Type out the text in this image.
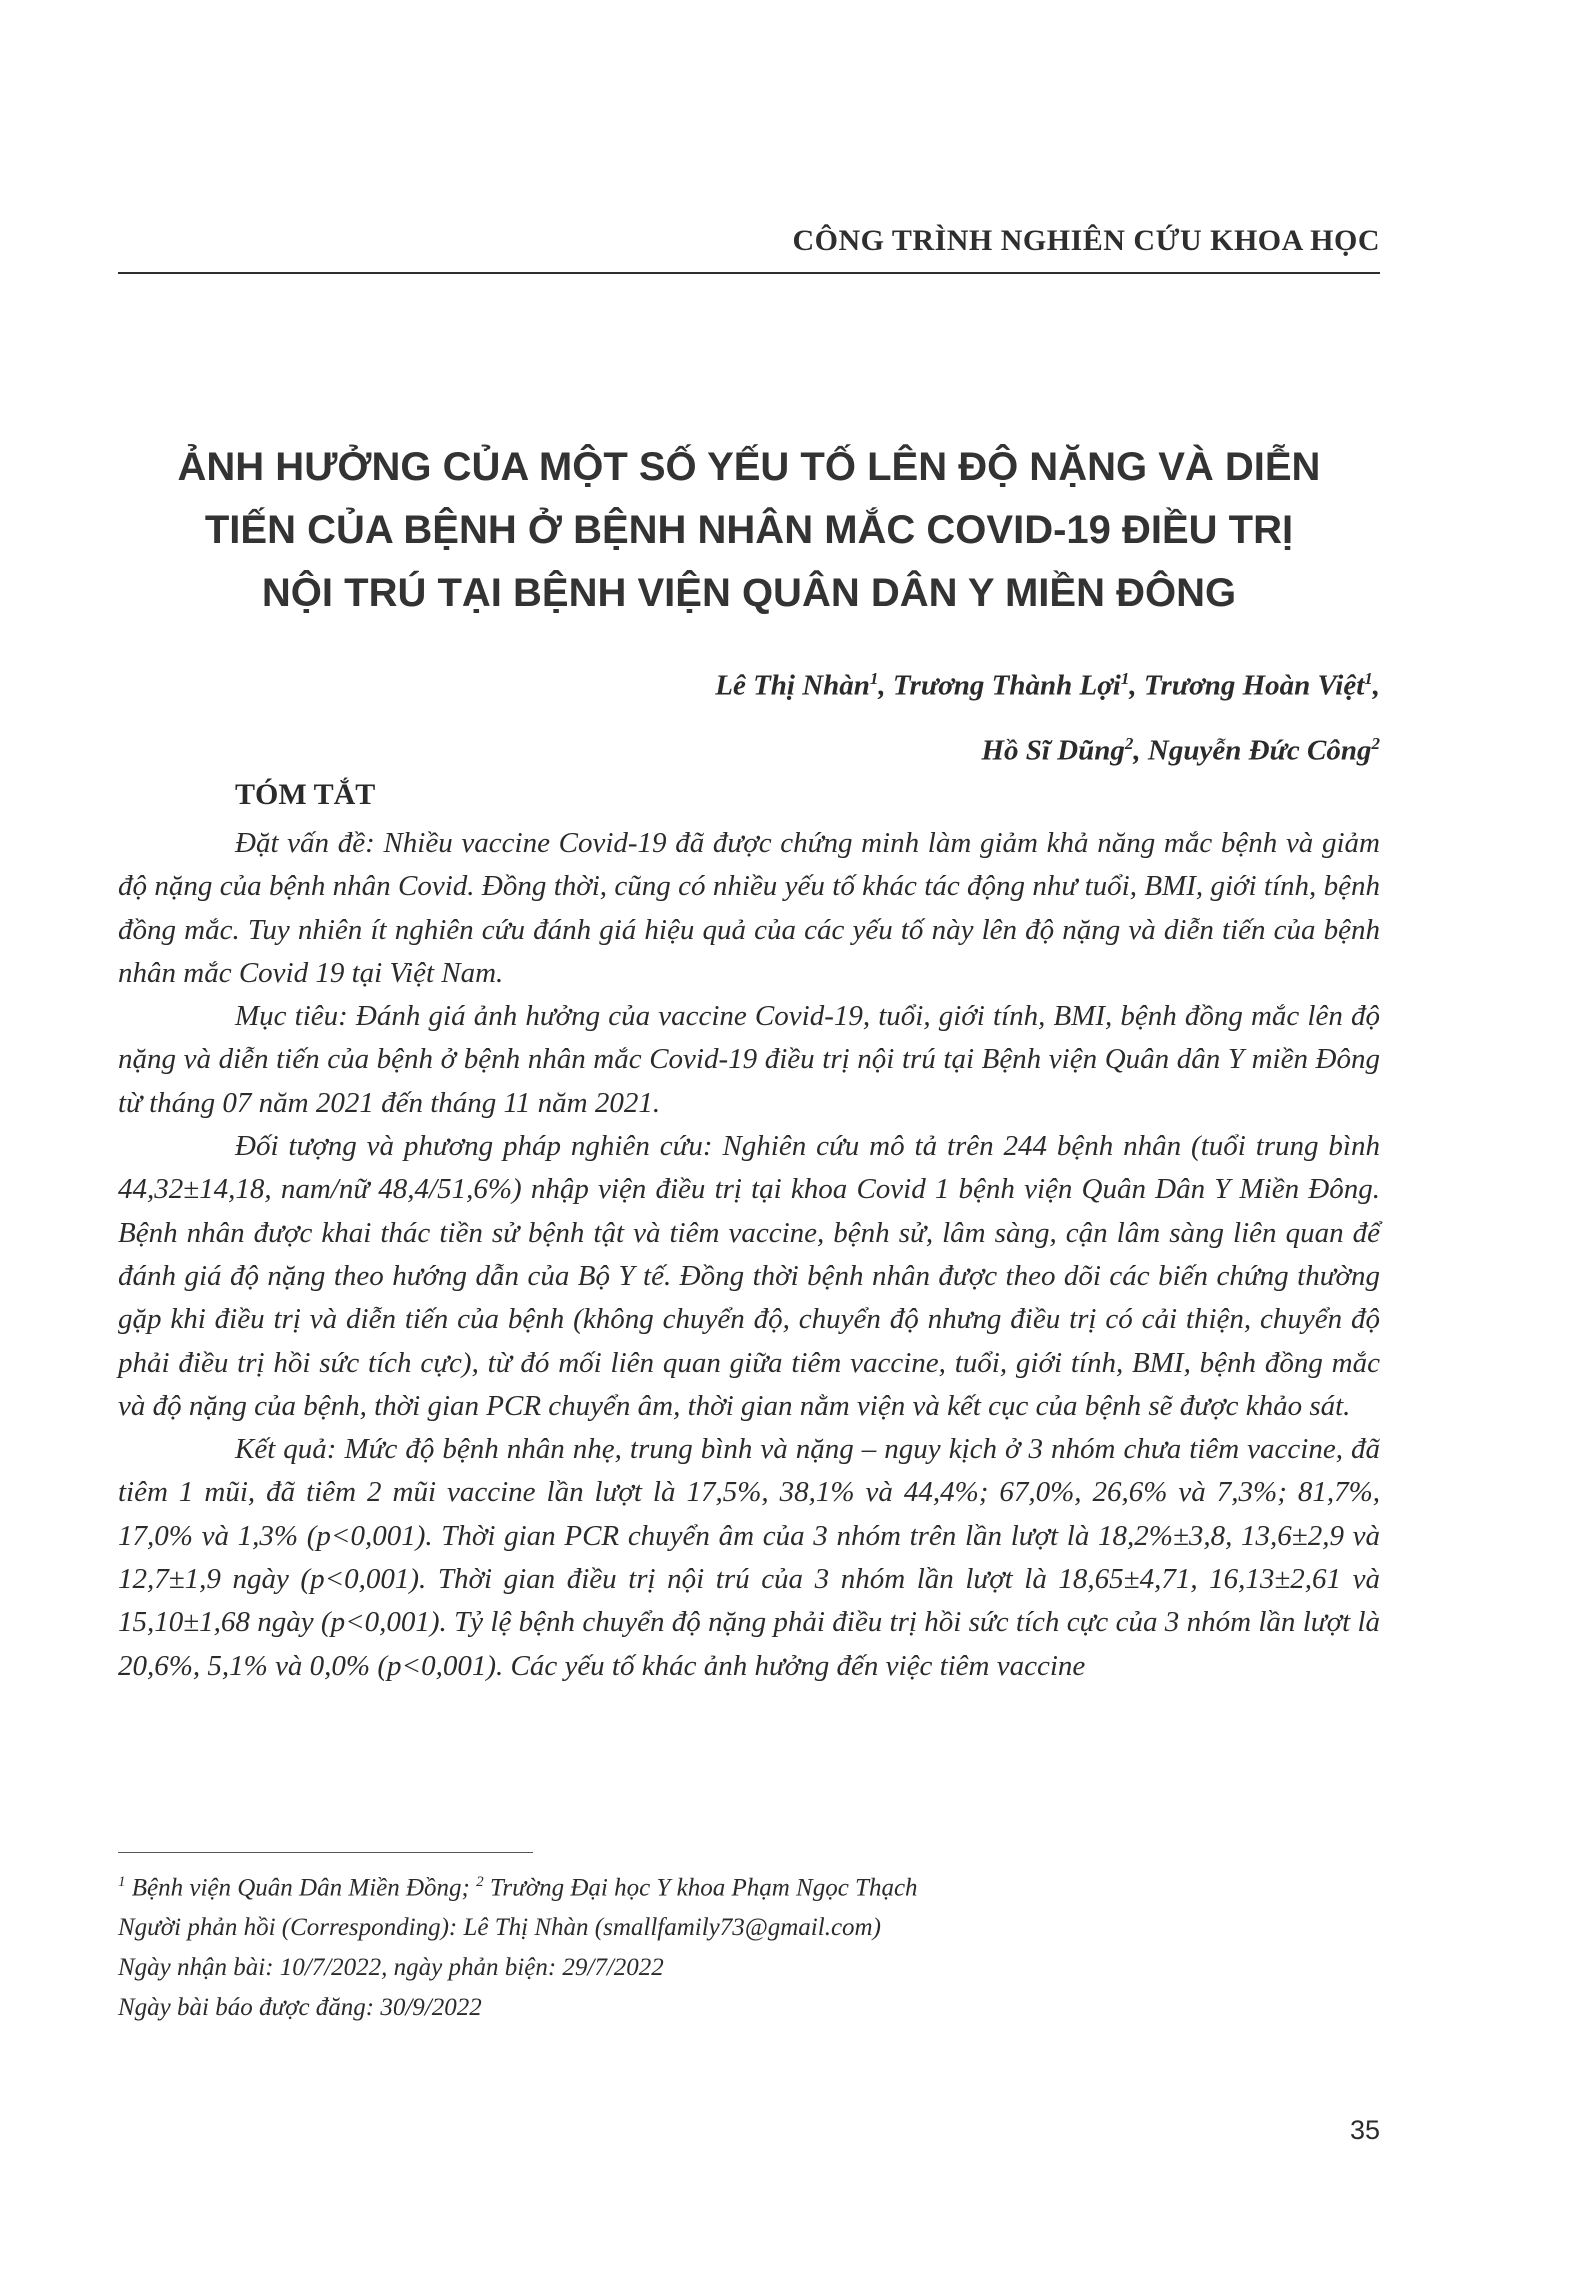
CÔNG TRÌNH NGHIÊN CỨU KHOA HỌC
ẢNH HƯỞNG CỦA MỘT SỐ YẾU TỐ LÊN ĐỘ NẶNG VÀ DIỄN
TIẾN CỦA BỆNH Ở BỆNH NHÂN MẮC COVID-19 ĐIỀU TRỊ
NỘI TRÚ TẠI BỆNH VIỆN QUÂN DÂN Y MIỀN ĐÔNG
Lê Thị Nhàn$^1$, Trương Thành Lợi$^1$, Trương Hoàn Việt$^1$,
Hồ Sĩ Dũng$^2$, Nguyễn Đức Công$^2$
TÓM TẮT

Đặt vấn đề: Nhiều vaccine Covid-19 đã được chứng minh làm giảm khả năng mắc bệnh và giảm độ nặng của bệnh nhân Covid. Đồng thời, cũng có nhiều yếu tố khác tác động như tuổi, BMI, giới tính, bệnh đồng mắc. Tuy nhiên ít nghiên cứu đánh giá hiệu quả của các yếu tố này lên độ nặng và diễn tiến của bệnh nhân mắc Covid 19 tại Việt Nam.

Mục tiêu: Đánh giá ảnh hưởng của vaccine Covid-19, tuổi, giới tính, BMI, bệnh đồng mắc lên độ nặng và diễn tiến của bệnh ở bệnh nhân mắc Covid-19 điều trị nội trú tại Bệnh viện Quân dân Y miền Đông từ tháng 07 năm 2021 đến tháng 11 năm 2021.

Đối tượng và phương pháp nghiên cứu: Nghiên cứu mô tả trên 244 bệnh nhân (tuổi trung bình 44,32±14,18, nam/nữ 48,4/51,6%) nhập viện điều trị tại khoa Covid 1 bệnh viện Quân Dân Y Miền Đông. Bệnh nhân được khai thác tiền sử bệnh tật và tiêm vaccine, bệnh sử, lâm sàng, cận lâm sàng liên quan để đánh giá độ nặng theo hướng dẫn của Bộ Y tế. Đồng thời bệnh nhân được theo dõi các biến chứng thường gặp khi điều trị và diễn tiến của bệnh (không chuyển độ, chuyển độ nhưng điều trị có cải thiện, chuyển độ phải điều trị hồi sức tích cực), từ đó mối liên quan giữa tiêm vaccine, tuổi, giới tính, BMI, bệnh đồng mắc và độ nặng của bệnh, thời gian PCR chuyển âm, thời gian nằm viện và kết cục của bệnh sẽ được khảo sát.

Kết quả: Mức độ bệnh nhân nhẹ, trung bình và nặng – nguy kịch ở 3 nhóm chưa tiêm vaccine, đã tiêm 1 mũi, đã tiêm 2 mũi vaccine lần lượt là 17,5%, 38,1% và 44,4%; 67,0%, 26,6% và 7,3%; 81,7%, 17,0% và 1,3% (p<0,001). Thời gian PCR chuyển âm của 3 nhóm trên lần lượt là 18,2%±3,8, 13,6±2,9 và 12,7±1,9 ngày (p<0,001). Thời gian điều trị nội trú của 3 nhóm lần lượt là 18,65±4,71, 16,13±2,61 và 15,10±1,68 ngày (p<0,001). Tỷ lệ bệnh chuyển độ nặng phải điều trị hồi sức tích cực của 3 nhóm lần lượt là 20,6%, 5,1% và 0,0% (p<0,001). Các yếu tố khác ảnh hưởng đến việc tiêm vaccine

$^1$ Bệnh viện Quân Dân Miền Đồng; $^2$ Trường Đại học Y khoa Phạm Ngọc Thạch
Người phản hồi (Corresponding): Lê Thị Nhàn (smallfamily73@gmail.com)
Ngày nhận bài: 10/7/2022, ngày phản biện: 29/7/2022
Ngày bài báo được đăng: 30/9/2022
35
